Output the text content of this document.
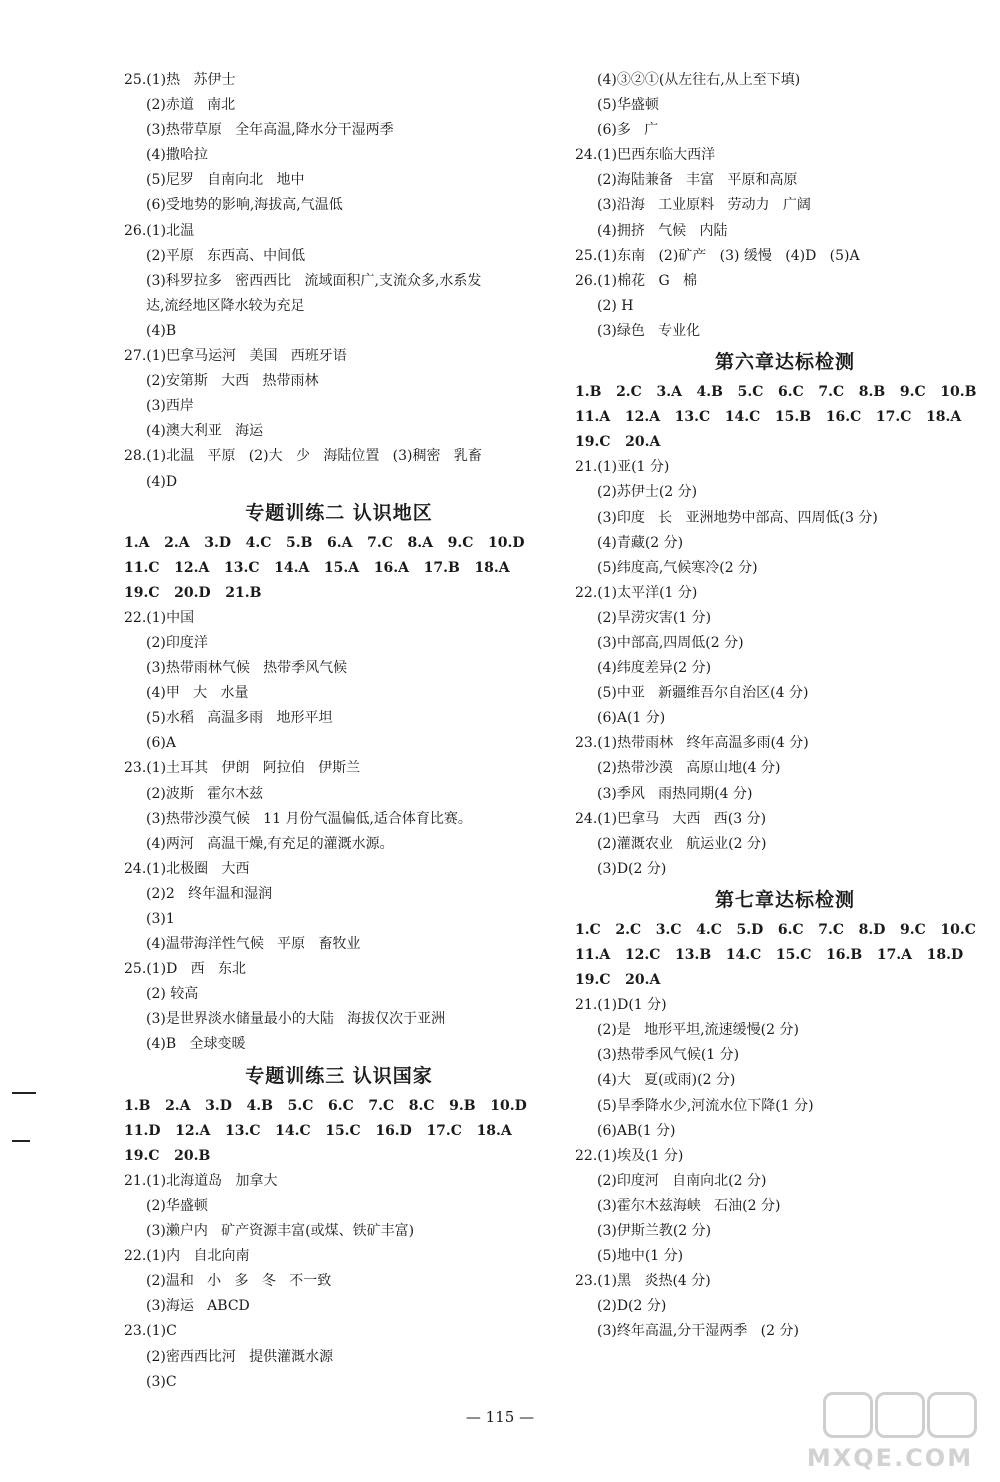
25.(1)热   苏伊士
(2)赤道   南北
(3)热带草原   全年高温,降水分干湿两季
(4)撒哈拉
(5)尼罗   自南向北   地中
(6)受地势的影响,海拔高,气温低
26.(1)北温
(2)平原   东西高、中间低
(3)科罗拉多   密西西比   流域面积广,支流众多,水系发
达,流经地区降水较为充足
(4)B
27.(1)巴拿马运河   美国   西班牙语
(2)安第斯   大西   热带雨林
(3)西岸
(4)澳大利亚   海运
28.(1)北温   平原   (2)大   少   海陆位置   (3)稠密   乳畜
(4)D
专题训练二 认识地区
1.A   2.A   3.D   4.C   5.B   6.A   7.C   8.A   9.C   10.D
11.C   12.A   13.C   14.A   15.A   16.A   17.B   18.A
19.C   20.D   21.B
22.(1)中国
(2)印度洋
(3)热带雨林气候   热带季风气候
(4)甲   大   水量
(5)水稻   高温多雨   地形平坦
(6)A
23.(1)土耳其   伊朗   阿拉伯   伊斯兰
(2)波斯   霍尔木兹
(3)热带沙漠气候   11 月份气温偏低,适合体育比赛。
(4)两河   高温干燥,有充足的灌溉水源。
24.(1)北极圈   大西
(2)2   终年温和湿润
(3)1
(4)温带海洋性气候   平原   畜牧业
25.(1)D   西   东北
(2) 较高
(3)是世界淡水储量最小的大陆   海拔仅次于亚洲
(4)B   全球变暖
专题训练三 认识国家
1.B   2.A   3.D   4.B   5.C   6.C   7.C   8.C   9.B   10.D
11.D   12.A   13.C   14.C   15.C   16.D   17.C   18.A
19.C   20.B
21.(1)北海道岛   加拿大
(2)华盛顿
(3)濑户内   矿产资源丰富(或煤、铁矿丰富)
22.(1)内   自北向南
(2)温和   小   多   冬   不一致
(3)海运   ABCD
23.(1)C
(2)密西西比河   提供灌溉水源
(3)C
(4)③②①(从左往右,从上至下填)
(5)华盛顿
(6)多   广
24.(1)巴西东临大西洋
(2)海陆兼备   丰富   平原和高原
(3)沿海   工业原料   劳动力   广阔
(4)拥挤   气候   内陆
25.(1)东南   (2)矿产   (3) 缓慢   (4)D   (5)A
26.(1)棉花   G   棉
(2) H
(3)绿色   专业化
第六章达标检测
1.B   2.C   3.A   4.B   5.C   6.C   7.C   8.B   9.C   10.B
11.A   12.A   13.C   14.C   15.B   16.C   17.C   18.A
19.C   20.A
21.(1)亚(1 分)
(2)苏伊士(2 分)
(3)印度   长   亚洲地势中部高、四周低(3 分)
(4)青藏(2 分)
(5)纬度高,气候寒冷(2 分)
22.(1)太平洋(1 分)
(2)旱涝灾害(1 分)
(3)中部高,四周低(2 分)
(4)纬度差异(2 分)
(5)中亚   新疆维吾尔自治区(4 分)
(6)A(1 分)
23.(1)热带雨林   终年高温多雨(4 分)
(2)热带沙漠   高原山地(4 分)
(3)季风   雨热同期(4 分)
24.(1)巴拿马   大西   西(3 分)
(2)灌溉农业   航运业(2 分)
(3)D(2 分)
第七章达标检测
1.C   2.C   3.C   4.C   5.D   6.C   7.C   8.D   9.C   10.C
11.A   12.C   13.B   14.C   15.C   16.B   17.A   18.D
19.C   20.A
21.(1)D(1 分)
(2)是   地形平坦,流速缓慢(2 分)
(3)热带季风气候(1 分)
(4)大   夏(或雨)(2 分)
(5)旱季降水少,河流水位下降(1 分)
(6)AB(1 分)
22.(1)埃及(1 分)
(2)印度河   自南向北(2 分)
(3)霍尔木兹海峡   石油(2 分)
(3)伊斯兰教(2 分)
(5)地中(1 分)
23.(1)黑   炎热(4 分)
(2)D(2 分)
(3)终年高温,分干湿两季   (2 分)
— 115 —
MXQE.COM
